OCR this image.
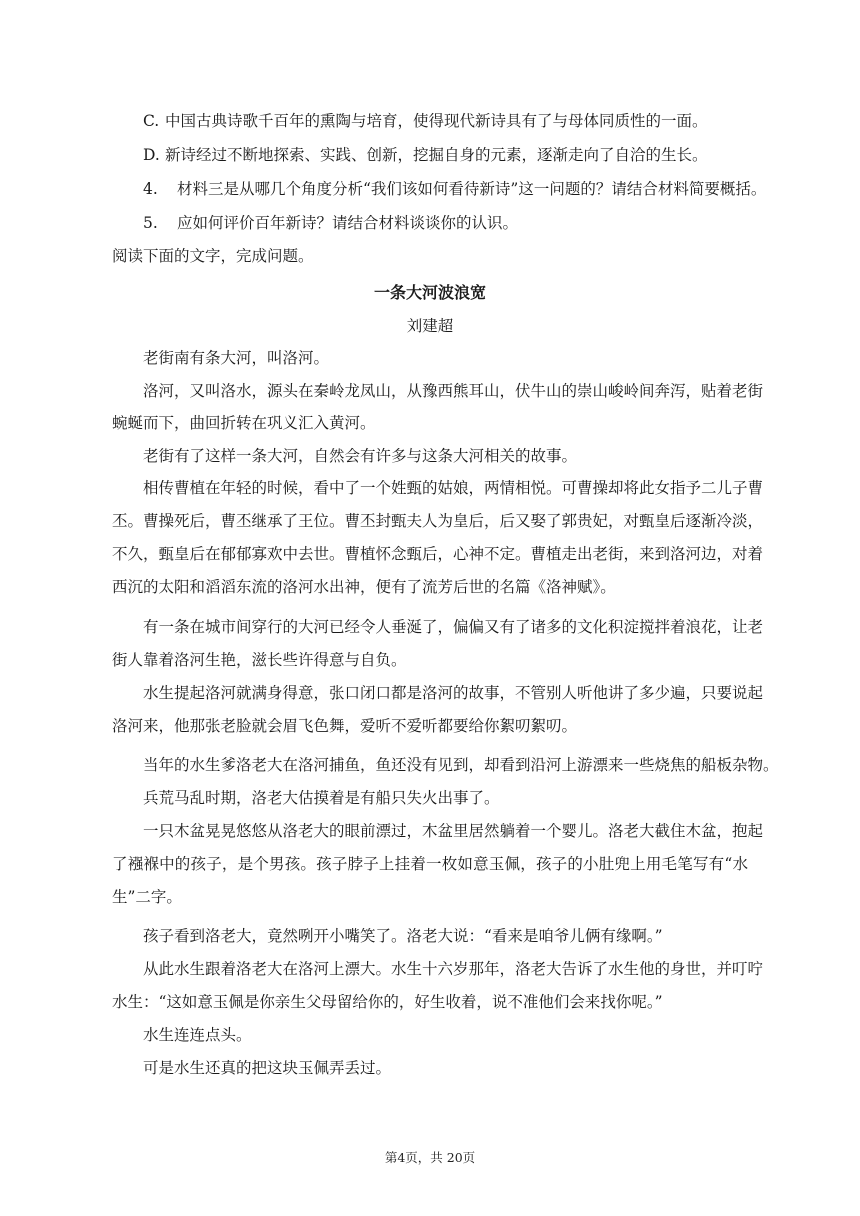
C. 中国古典诗歌千百年的熏陶与培育，使得现代新诗具有了与母体同质性的一面。
D. 新诗经过不断地探索、实践、创新，挖掘自身的元素，逐渐走向了自洽的生长。
4. 材料三是从哪几个角度分析“我们该如何看待新诗”这一问题的？请结合材料简要概括。
5. 应如何评价百年新诗？请结合材料谈谈你的认识。
阅读下面的文字，完成问题。
一条大河波浪宽
刘建超
老街南有条大河，叫洛河。
洛河，又叫洛水，源头在秦岭龙凤山，从豫西熊耳山，伏牛山的崇山峻岭间奔泻，贴着老街
蜿蜒而下，曲回折转在巩义汇入黄河。
老街有了这样一条大河，自然会有许多与这条大河相关的故事。
相传曹植在年轻的时候，看中了一个姓甄的姑娘，两情相悦。可曹操却将此女指予二儿子曹
丕。曹操死后，曹丕继承了王位。曹丕封甄夫人为皇后，后又娶了郭贵妃，对甄皇后逐渐冷淡，
不久，甄皇后在郁郁寡欢中去世。曹植怀念甄后，心神不定。曹植走出老街，来到洛河边，对着
西沉的太阳和滔滔东流的洛河水出神，便有了流芳后世的名篇《洛神赋》。
有一条在城市间穿行的大河已经令人垂涎了，偏偏又有了诸多的文化积淀搅拌着浪花，让老
街人靠着洛河生艳，滋长些许得意与自负。
水生提起洛河就满身得意，张口闭口都是洛河的故事，不管别人听他讲了多少遍，只要说起
洛河来，他那张老脸就会眉飞色舞，爱听不爱听都要给你絮叨絮叨。
当年的水生爹洛老大在洛河捕鱼，鱼还没有见到，却看到沿河上游漂来一些烧焦的船板杂物。
兵荒马乱时期，洛老大估摸着是有船只失火出事了。
一只木盆晃晃悠悠从洛老大的眼前漂过，木盆里居然躺着一个婴儿。洛老大截住木盆，抱起
了襁褓中的孩子，是个男孩。孩子脖子上挂着一枚如意玉佩，孩子的小肚兜上用毛笔写有“水
生”二字。
孩子看到洛老大，竟然咧开小嘴笑了。洛老大说：“看来是咱爷儿俩有缘啊。”
从此水生跟着洛老大在洛河上漂大。水生十六岁那年，洛老大告诉了水生他的身世，并叮咛
水生：“这如意玉佩是你亲生父母留给你的，好生收着，说不准他们会来找你呢。”
水生连连点头。
可是水生还真的把这块玉佩弄丢过。
第4页，共 20页
